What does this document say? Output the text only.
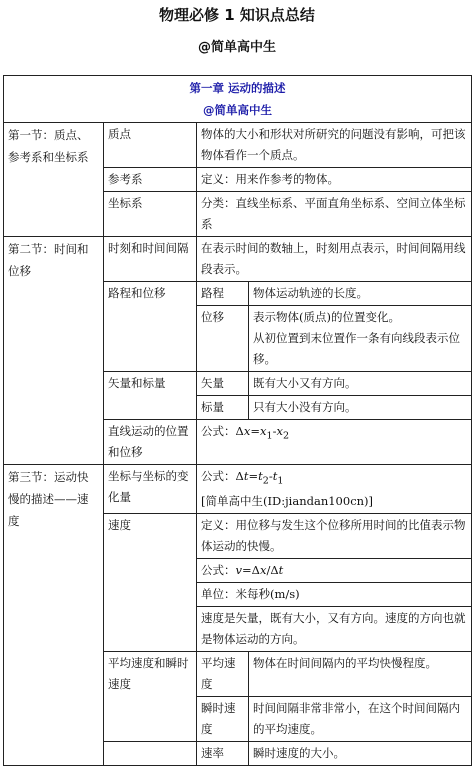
物理必修 1 知识点总结
@简单高中生
第一章 运动的描述
@简单高中生			

第一节：质点、参考系和坐标系	质点	物体的大小和形状对所研究的问题没有影响，可把该物体看作一个质点。	
	参考系	定义：用来作参考的物体。	
	坐标系	分类：直线坐标系、平面直角坐标系、空间立体坐标系	
第二节：时间和位移	时刻和时间间隔	在表示时间的数轴上，时刻用点表示，时间间隔用线段表示。	
	路程和位移	路程	物体运动轨迹的长度。
		位移	表示物体(质点)的位置变化。
从初位置到末位置作一条有向线段表示位移。

	矢量和标量	矢量	既有大小又有方向。
		标量	只有大小没有方向。
	直线运动的位置和位移	公式：$\Delta x=x_1-x_2$
第三节：运动快慢的描述——速度	坐标与坐标的变化量	公式：$\Delta t=t_2-t_1$
[简单高中生(ID:jiandan100cn)]	

	速度	定义：用位移与发生这个位移所用时间的比值表示物体运动的快慢。	
		公式：v=Δx/Δt	
		单位：米每秒(m/s)	
		速度是矢量，既有大小，又有方向。速度的方向也就是物体运动的方向。	
	平均速度和瞬时速度	平均速度	物体在时间间隔内的平均快慢程度。
		瞬时速度	时间间隔非常非常小，在这个时间间隔内的平均速度。
		速率	瞬时速度的大小。
